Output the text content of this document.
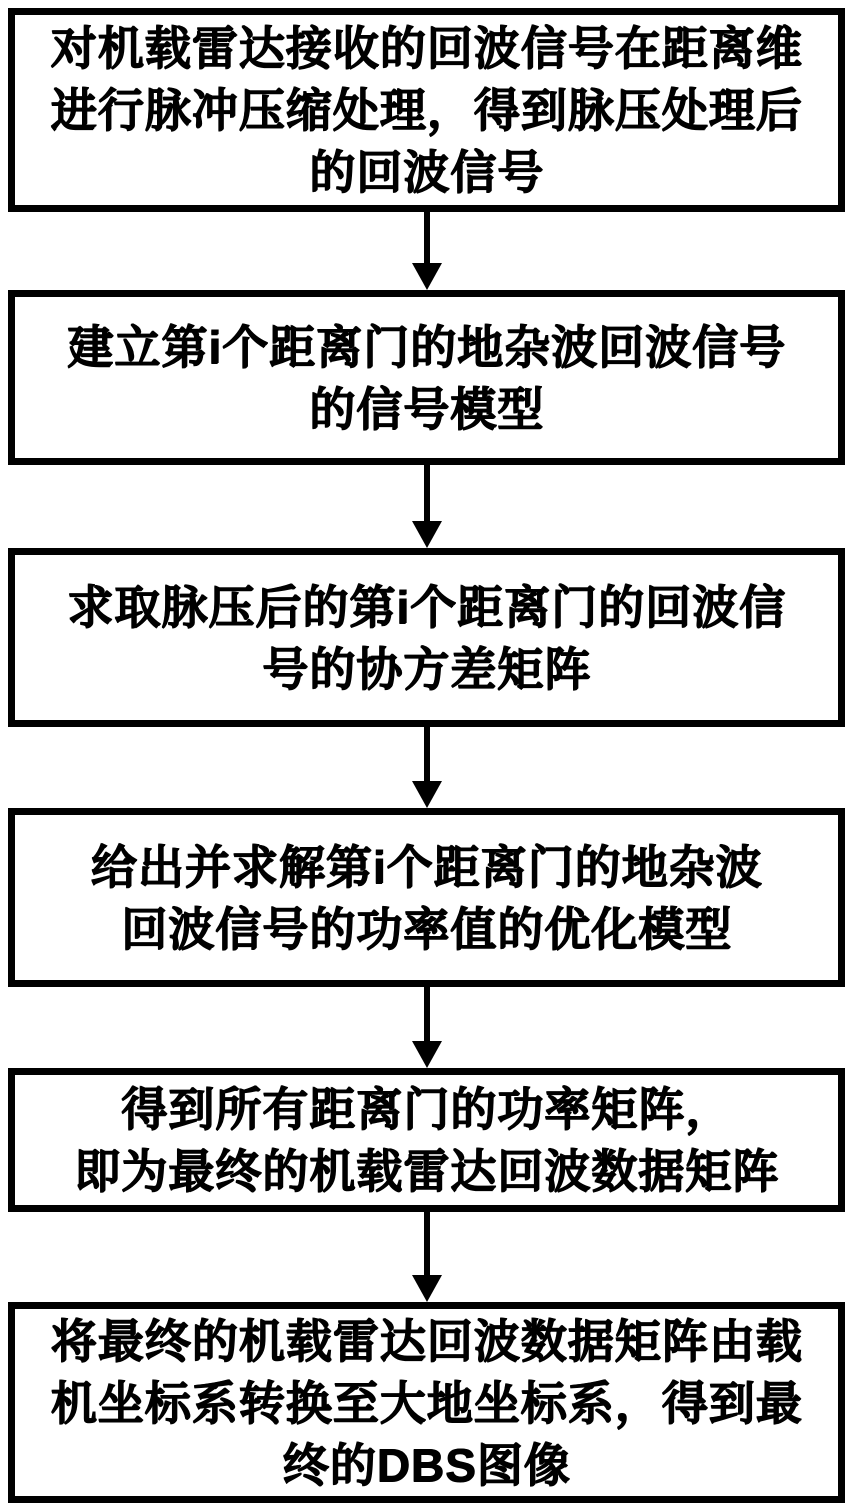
对机载雷达接收的回波信号在距离维
进行脉冲压缩处理，得到脉压处理后
的回波信号
建立第i个距离门的地杂波回波信号
的信号模型
求取脉压后的第i个距离门的回波信
号的协方差矩阵
给出并求解第i个距离门的地杂波
回波信号的功率值的优化模型
得到所有距离门的功率矩阵，
即为最终的机载雷达回波数据矩阵
将最终的机载雷达回波数据矩阵由载
机坐标系转换至大地坐标系，得到最
终的DBS图像
